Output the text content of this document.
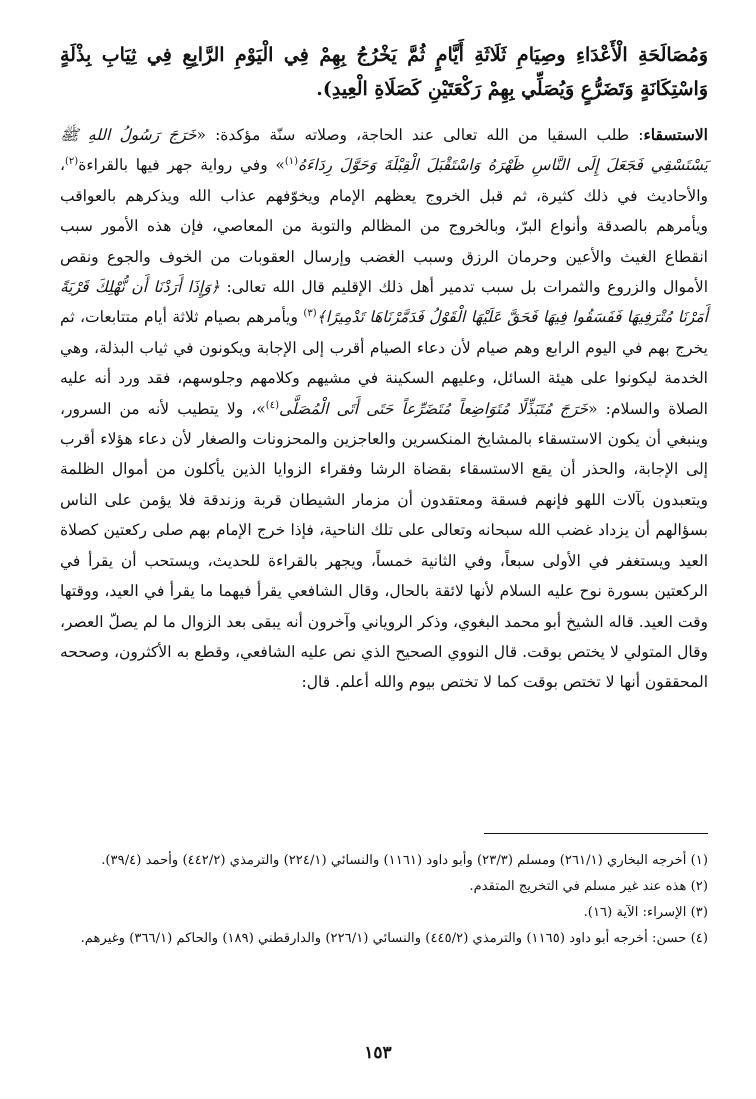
وَمُصَالَحَةِ الْأَعْدَاءِ وصِيَامِ ثَلَاثَةِ أَيَّامٍ ثُمَّ يَخْرُجُ بِهِمْ فِي الْيَوْمِ الرَّابِعِ فِي ثِيَابِ بِذْلَةٍ وَاسْتِكَانَةٍ وَتَضَرُّعٍ وَيُصَلِّي بِهِمْ رَكْعَتَيْنِ كَصَلَاةِ الْعِيدِ).

الاستسقاء: طلب السقيا من الله تعالى عند الحاجة، وصلاته سنّة مؤكدة: «خَرَجَ رَسُولُ اللهِ ﷺ يَسْتَسْقِي فَجَعَلَ إِلَى النَّاسِ ظَهْرَهُ وَاسْتَقْبَلَ الْقِبْلَةَ وَحَوَّلَ رِدَاءَهُ$^{(١)}$» وفي رواية جهر فيها بالقراءة$^{(٢)}$، والأحاديث في ذلك كثيرة، ثم قبل الخروج يعظهم الإمام ويخوّفهم عذاب الله ويذكرهم بالعواقب ويأمرهم بالصدقة وأنواع البرّ، وبالخروج من المظالم والتوبة من المعاصي، فإن هذه الأمور سبب انقطاع الغيث والأعين وحرمان الرزق وسبب الغضب وإرسال العقوبات من الخوف والجوع ونقص الأموال والزروع والثمرات بل سبب تدمير أهل ذلك الإقليم قال الله تعالى: ﴿وَإِذَا أَرَدْنَا أَن نُّهْلِكَ قَرْيَةً أَمَرْنَا مُتْرَفِيهَا فَفَسَقُوا فِيهَا فَحَقَّ عَلَيْهَا الْقَوْلُ فَدَمَّرْنَاهَا تَدْمِيرًا﴾$^{(٣)}$ ويأمرهم بصيام ثلاثة أيام متتابعات، ثم يخرج بهم في اليوم الرابع وهم صيام لأن دعاء الصيام أقرب إلى الإجابة ويكونون في ثياب البذلة، وهي الخدمة ليكونوا على هيئة السائل، وعليهم السكينة في مشيهم وكلامهم وجلوسهم، فقد ورد أنه عليه الصلاة والسلام: «خَرَجَ مُتَبَذِّلًا مُتَوَاضِعاً مُتَضَرِّعاً حَتَى أَتَى الْمُصَلَّى$^{(٤)}$»، ولا يتطيب لأنه من السرور، وينبغي أن يكون الاستسقاء بالمشايخ المنكسرين والعاجزين والمحزونات والصغار لأن دعاء هؤلاء أقرب إلى الإجابة، والحذر أن يقع الاستسقاء بقضاة الرشا وفقراء الزوايا الذين يأكلون من أموال الظلمة ويتعبدون بآلات اللهو فإنهم فسقة ومعتقدون أن مزمار الشيطان قربة وزندقة فلا يؤمن على الناس بسؤالهم أن يزداد غضب الله سبحانه وتعالى على تلك الناحية، فإذا خرج الإمام بهم صلى ركعتين كصلاة العيد ويستغفر في الأولى سبعاً، وفي الثانية خمساً، ويجهر بالقراءة للحديث، ويستحب أن يقرأ في الركعتين بسورة نوح عليه السلام لأنها لائقة بالحال، وقال الشافعي يقرأ فيهما ما يقرأ في العيد، ووقتها وقت العيد. قاله الشيخ أبو محمد البغوي، وذكر الروياني وآخرون أنه يبقى بعد الزوال ما لم يصلّ العصر، وقال المتولي لا يختص بوقت. قال النووي الصحيح الذي نص عليه الشافعي، وقطع به الأكثرون، وصححه المحققون أنها لا تختص بوقت كما لا تختص بيوم والله أعلم. قال:

(١) أخرجه البخاري (٢٦١/١) ومسلم (٢٣/٣) وأبو داود (١١٦١) والنسائي (٢٢٤/١) والترمذي (٤٤٢/٢) وأحمد (٣٩/٤).

(٢) هذه عند غير مسلم في التخريج المتقدم.

(٣) الإسراء: الآية (١٦).

(٤) حسن: أخرجه أبو داود (١١٦٥) والترمذي (٤٤٥/٢) والنسائي (٢٢٦/١) والدارقطني (١٨٩) والحاكم (٣٦٦/١) وغيرهم.

١٥٣
